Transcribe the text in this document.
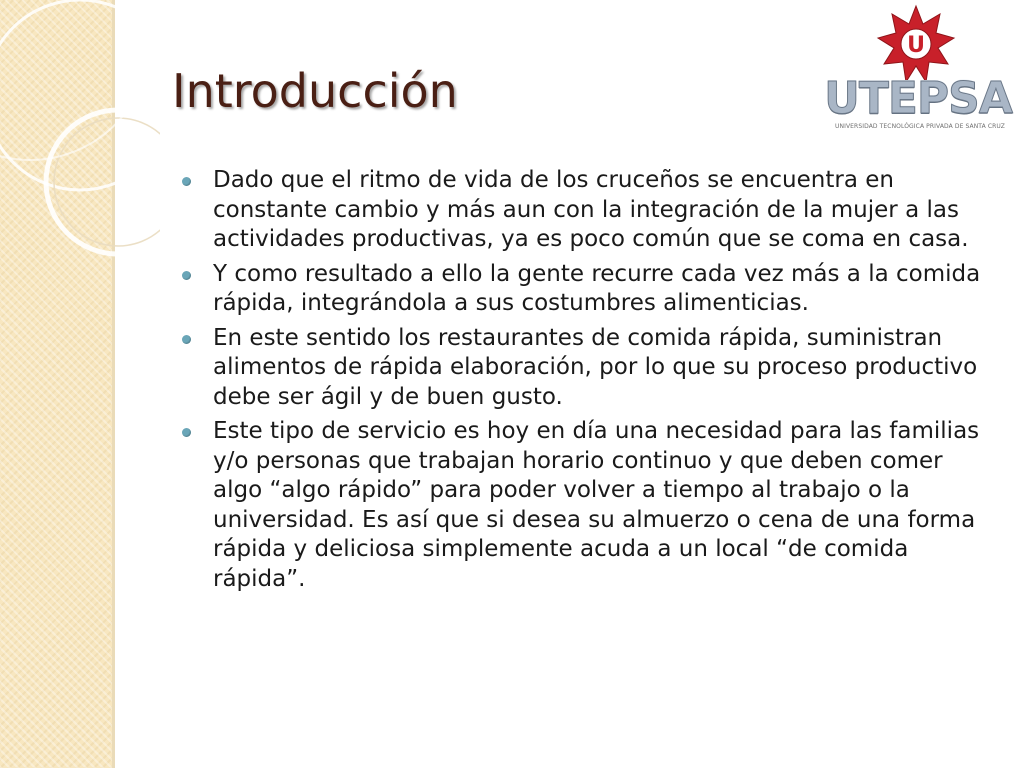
Introducción
U
UTEPSA
UNIVERSIDAD TECNOLÓGICA PRIVADA DE SANTA CRUZ
Dado que el ritmo de vida de los cruceños se encuentra en constante cambio y más aun con la integración de la mujer a las actividades productivas, ya es poco común que se coma en casa.
Y como resultado a ello la gente recurre cada vez más a la comida rápida, integrándola a sus costumbres alimenticias.
En este sentido los restaurantes de comida rápida, suministran alimentos de rápida elaboración, por lo que su proceso productivo debe ser ágil y de buen gusto.
Este tipo de servicio es hoy en día una necesidad para las familias y/o personas que trabajan horario continuo y que deben comer algo “algo rápido” para poder volver a tiempo al trabajo o la universidad. Es así que si desea su almuerzo o cena de una forma rápida y deliciosa simplemente acuda a un local “de comida rápida”.
